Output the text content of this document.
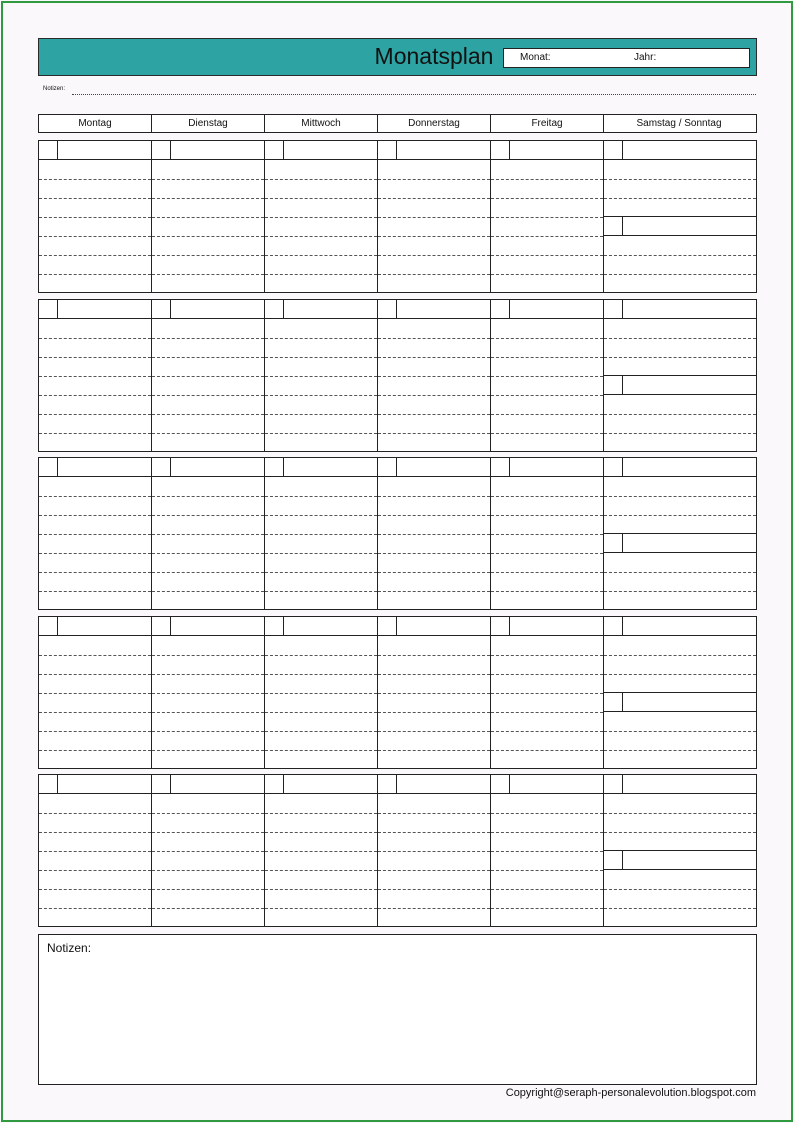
Monatsplan	Monat:	Jahr:
Notizen:
Montag	Dienstag	Mittwoch	Donnerstag	Freitag	Samstag / Sonntag
Notizen:
Copyright@seraph-personalevolution.blogspot.com
